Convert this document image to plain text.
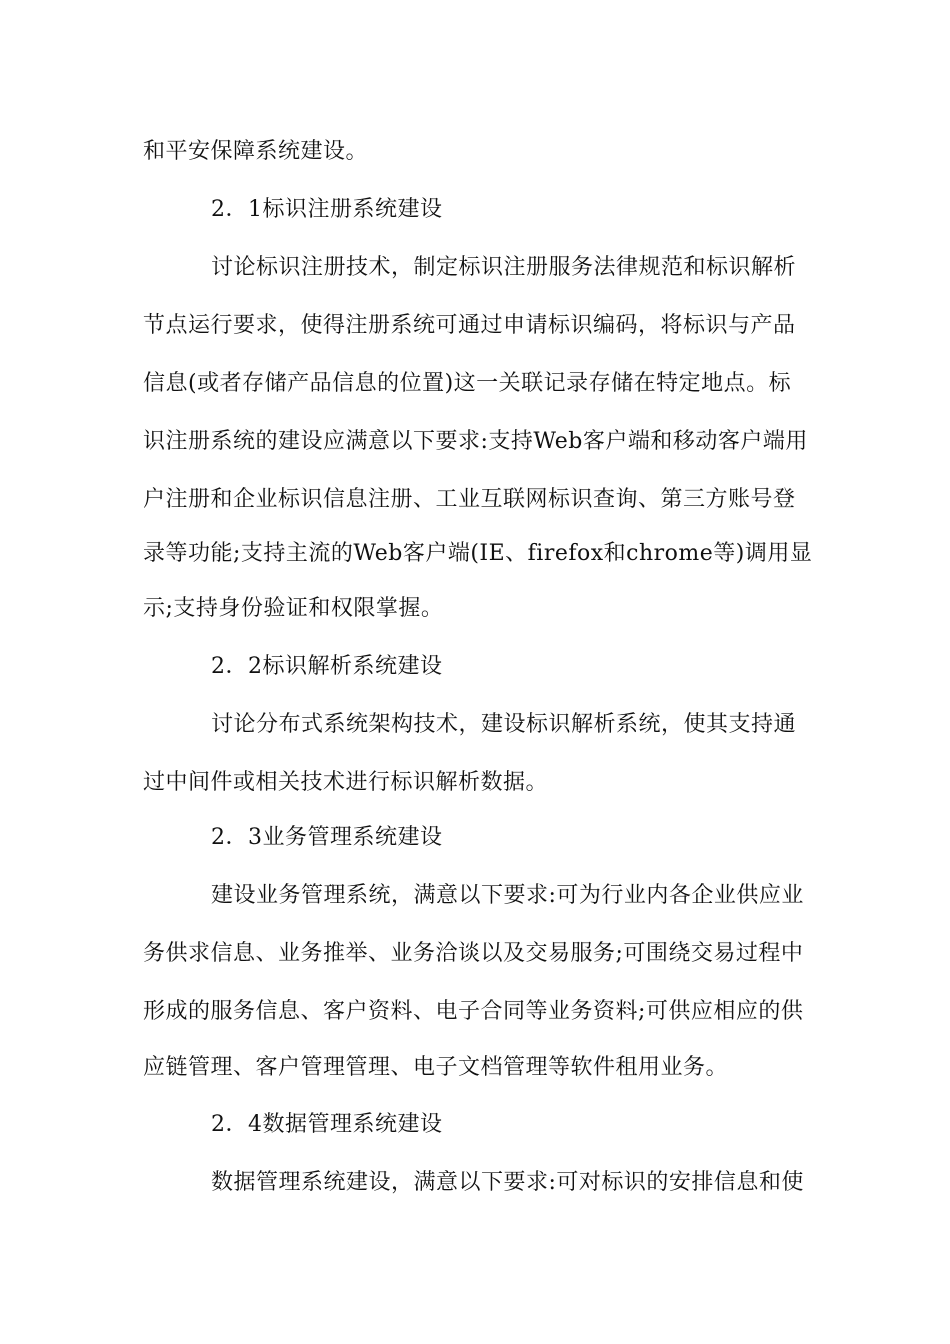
和平安保障系统建设。
2．1标识注册系统建设
讨论标识注册技术，制定标识注册服务法律规范和标识解析
节点运行要求，使得注册系统可通过申请标识编码，将标识与产品
信息(或者存储产品信息的位置)这一关联记录存储在特定地点。标
识注册系统的建设应满意以下要求:支持Web客户端和移动客户端用
户注册和企业标识信息注册、工业互联网标识查询、第三方账号登
录等功能;支持主流的Web客户端(IE、firefox和chrome等)调用显
示;支持身份验证和权限掌握。
2．2标识解析系统建设
讨论分布式系统架构技术，建设标识解析系统，使其支持通
过中间件或相关技术进行标识解析数据。
2．3业务管理系统建设
建设业务管理系统，满意以下要求:可为行业内各企业供应业
务供求信息、业务推举、业务洽谈以及交易服务;可围绕交易过程中
形成的服务信息、客户资料、电子合同等业务资料;可供应相应的供
应链管理、客户管理管理、电子文档管理等软件租用业务。
2．4数据管理系统建设
数据管理系统建设，满意以下要求:可对标识的安排信息和使
